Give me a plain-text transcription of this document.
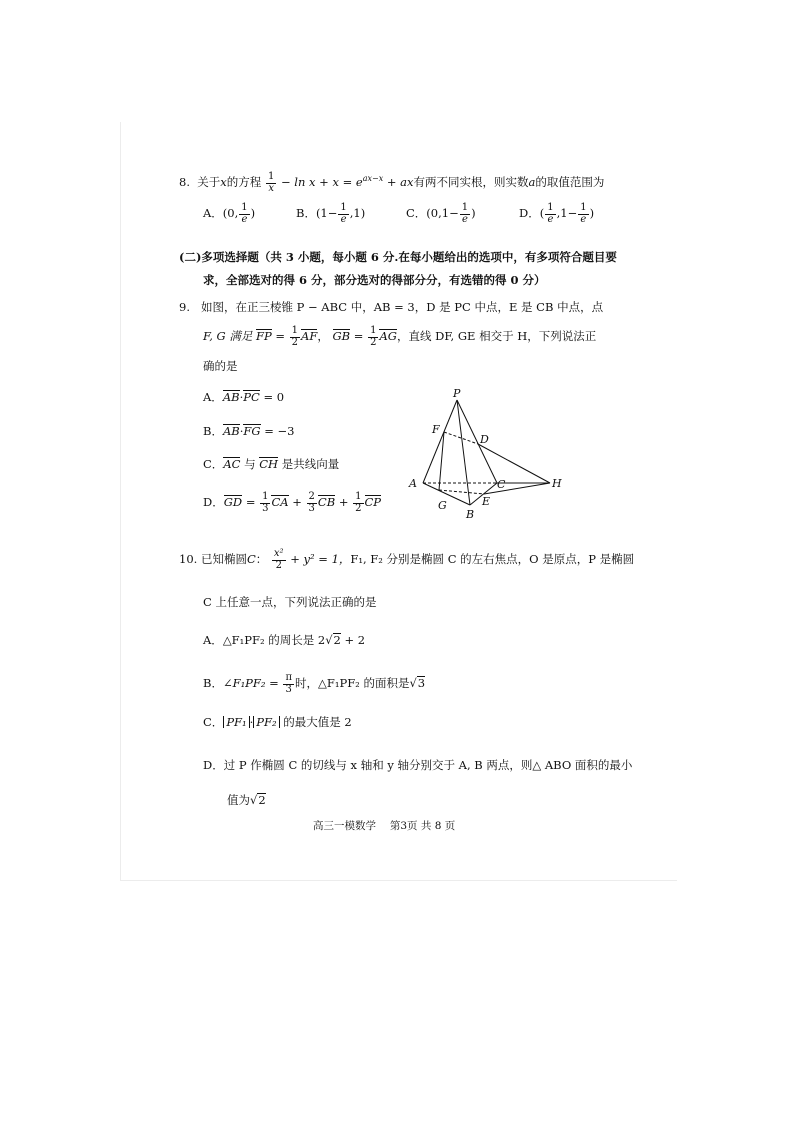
8. 关于x的方程 $\frac{1}{x} - \ln x + x = e^{ax-x}$ + ax有两不同实根，则实数a的取值范围为
A．(0, $\frac{1}{e}$ )	B．$(1- \frac{1}{e} ,1)$	C．($0,1- \frac{1}{e}$ )	D．( $\frac{1}{e} ,1- \frac{1}{e}$ )
(二)多项选择题（共 3 小题，每小题 6 分.在每小题给出的选项中，有多项符合题目要
求，全部选对的得 6 分，部分选对的得部分分，有选错的得 0 分）
9. 如图，在正三棱锥 P − ABC 中，AB = 3，D 是 PC 中点，E 是 CB 中点，点
F, G 满足 FP = $\frac{1}{2}$ AF， GB = $\frac{1}{2}$ AG，直线 DF, GE 相交于 H，下列说法正
确的是
A．AB·PC = 0
B．AB·FG = −3
C．AC 与 CH 是共线向量
D．GD = $\frac{1}{3}$ CA + $\frac{2}{3}$ CB + $\frac{1}{2}$ CP
P
F
D
A	C	H
G	E
B
10. 已知椭圆C： $\frac{\text{x²}}{2} + y^2 = 1$，F₁, F₂ 分别是椭圆 C 的左右焦点，O 是原点，P 是椭圆
C 上任意一点，下列说法正确的是
A．△F₁PF₂ 的周长是 2√2 + 2
B．∠F₁PF₂ = $\frac{\pi}{3}$ 时，△F₁PF₂ 的面积是√3
C． PF₁ · PF₂ 的最大值是 2
D．过 P 作椭圆 C 的切线与 x 轴和 y 轴分别交于 A, B 两点，则△ ABO 面积的最小
值为√2
高三一模数学　 第3页 共 8 页
